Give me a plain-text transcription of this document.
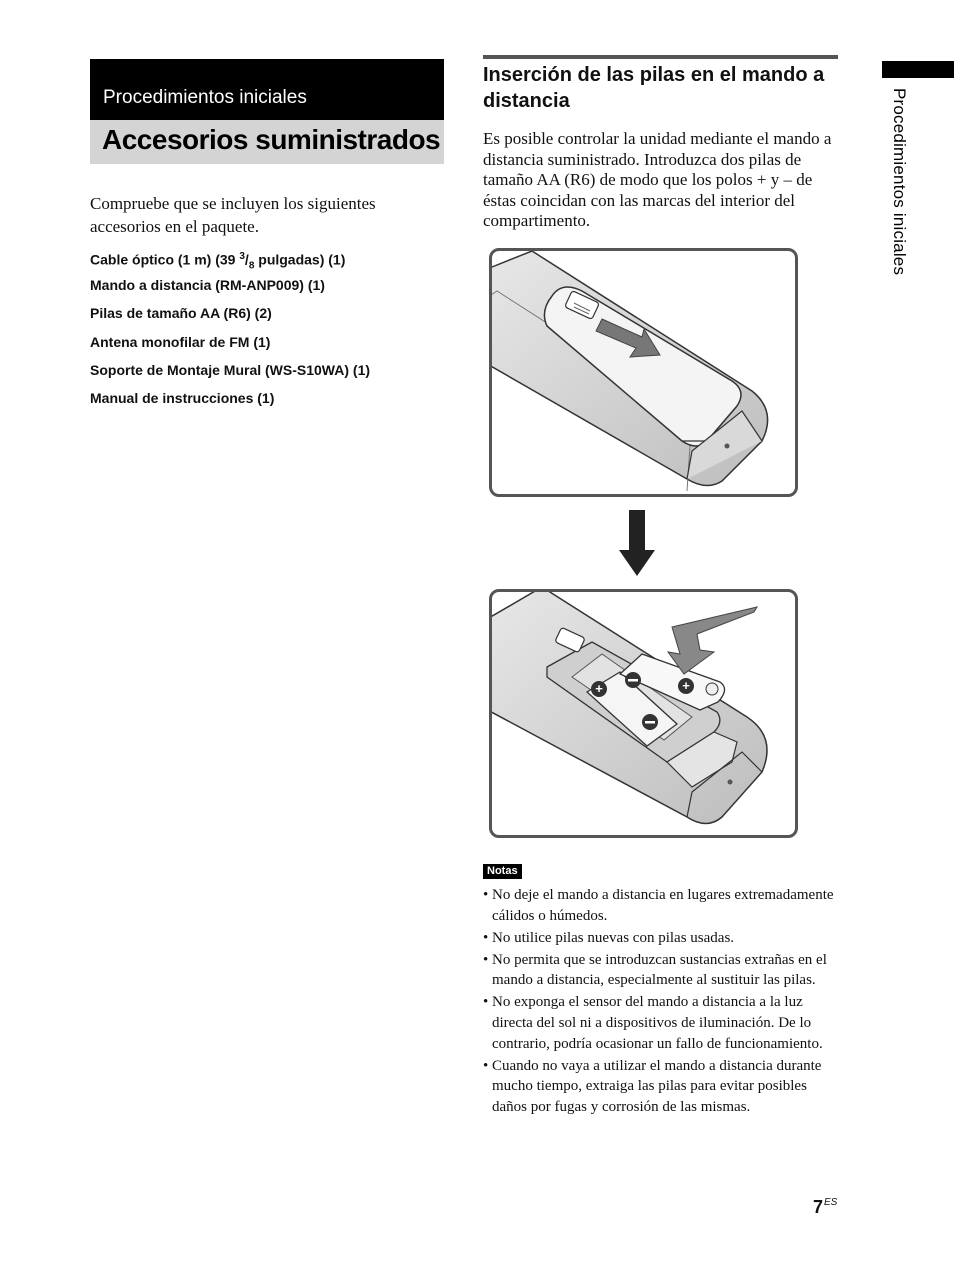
Procedimientos iniciales
Accesorios suministrados

Compruebe que se incluyen los siguientes accesorios en el paquete.

Cable óptico (1 m) (39 $^3/_8$ pulgadas) (1)
Mando a distancia (RM-ANP009) (1)
Pilas de tamaño AA (R6) (2)
Antena monofilar de FM (1)
Soporte de Montaje Mural (WS-S10WA) (1)
Manual de instrucciones (1)
Inserción de las pilas en el mando a distancia

Es posible controlar la unidad mediante el mando a distancia suministrado. Introduzca dos pilas de tamaño AA (R6) de modo que los polos + y – de éstas coincidan con las marcas del interior del compartimento.

+	+
Notas
• No deje el mando a distancia en lugares extremadamente cálidos o húmedos.
• No utilice pilas nuevas con pilas usadas.
• No permita que se introduzcan sustancias extrañas en el mando a distancia, especialmente al sustituir las pilas.
• No exponga el sensor del mando a distancia a la luz directa del sol ni a dispositivos de iluminación. De lo contrario, podría ocasionar un fallo de funcionamiento.
• Cuando no vaya a utilizar el mando a distancia durante mucho tiempo, extraiga las pilas para evitar posibles daños por fugas y corrosión de las mismas.
Procedimientos iniciales
$7^{ES}$
